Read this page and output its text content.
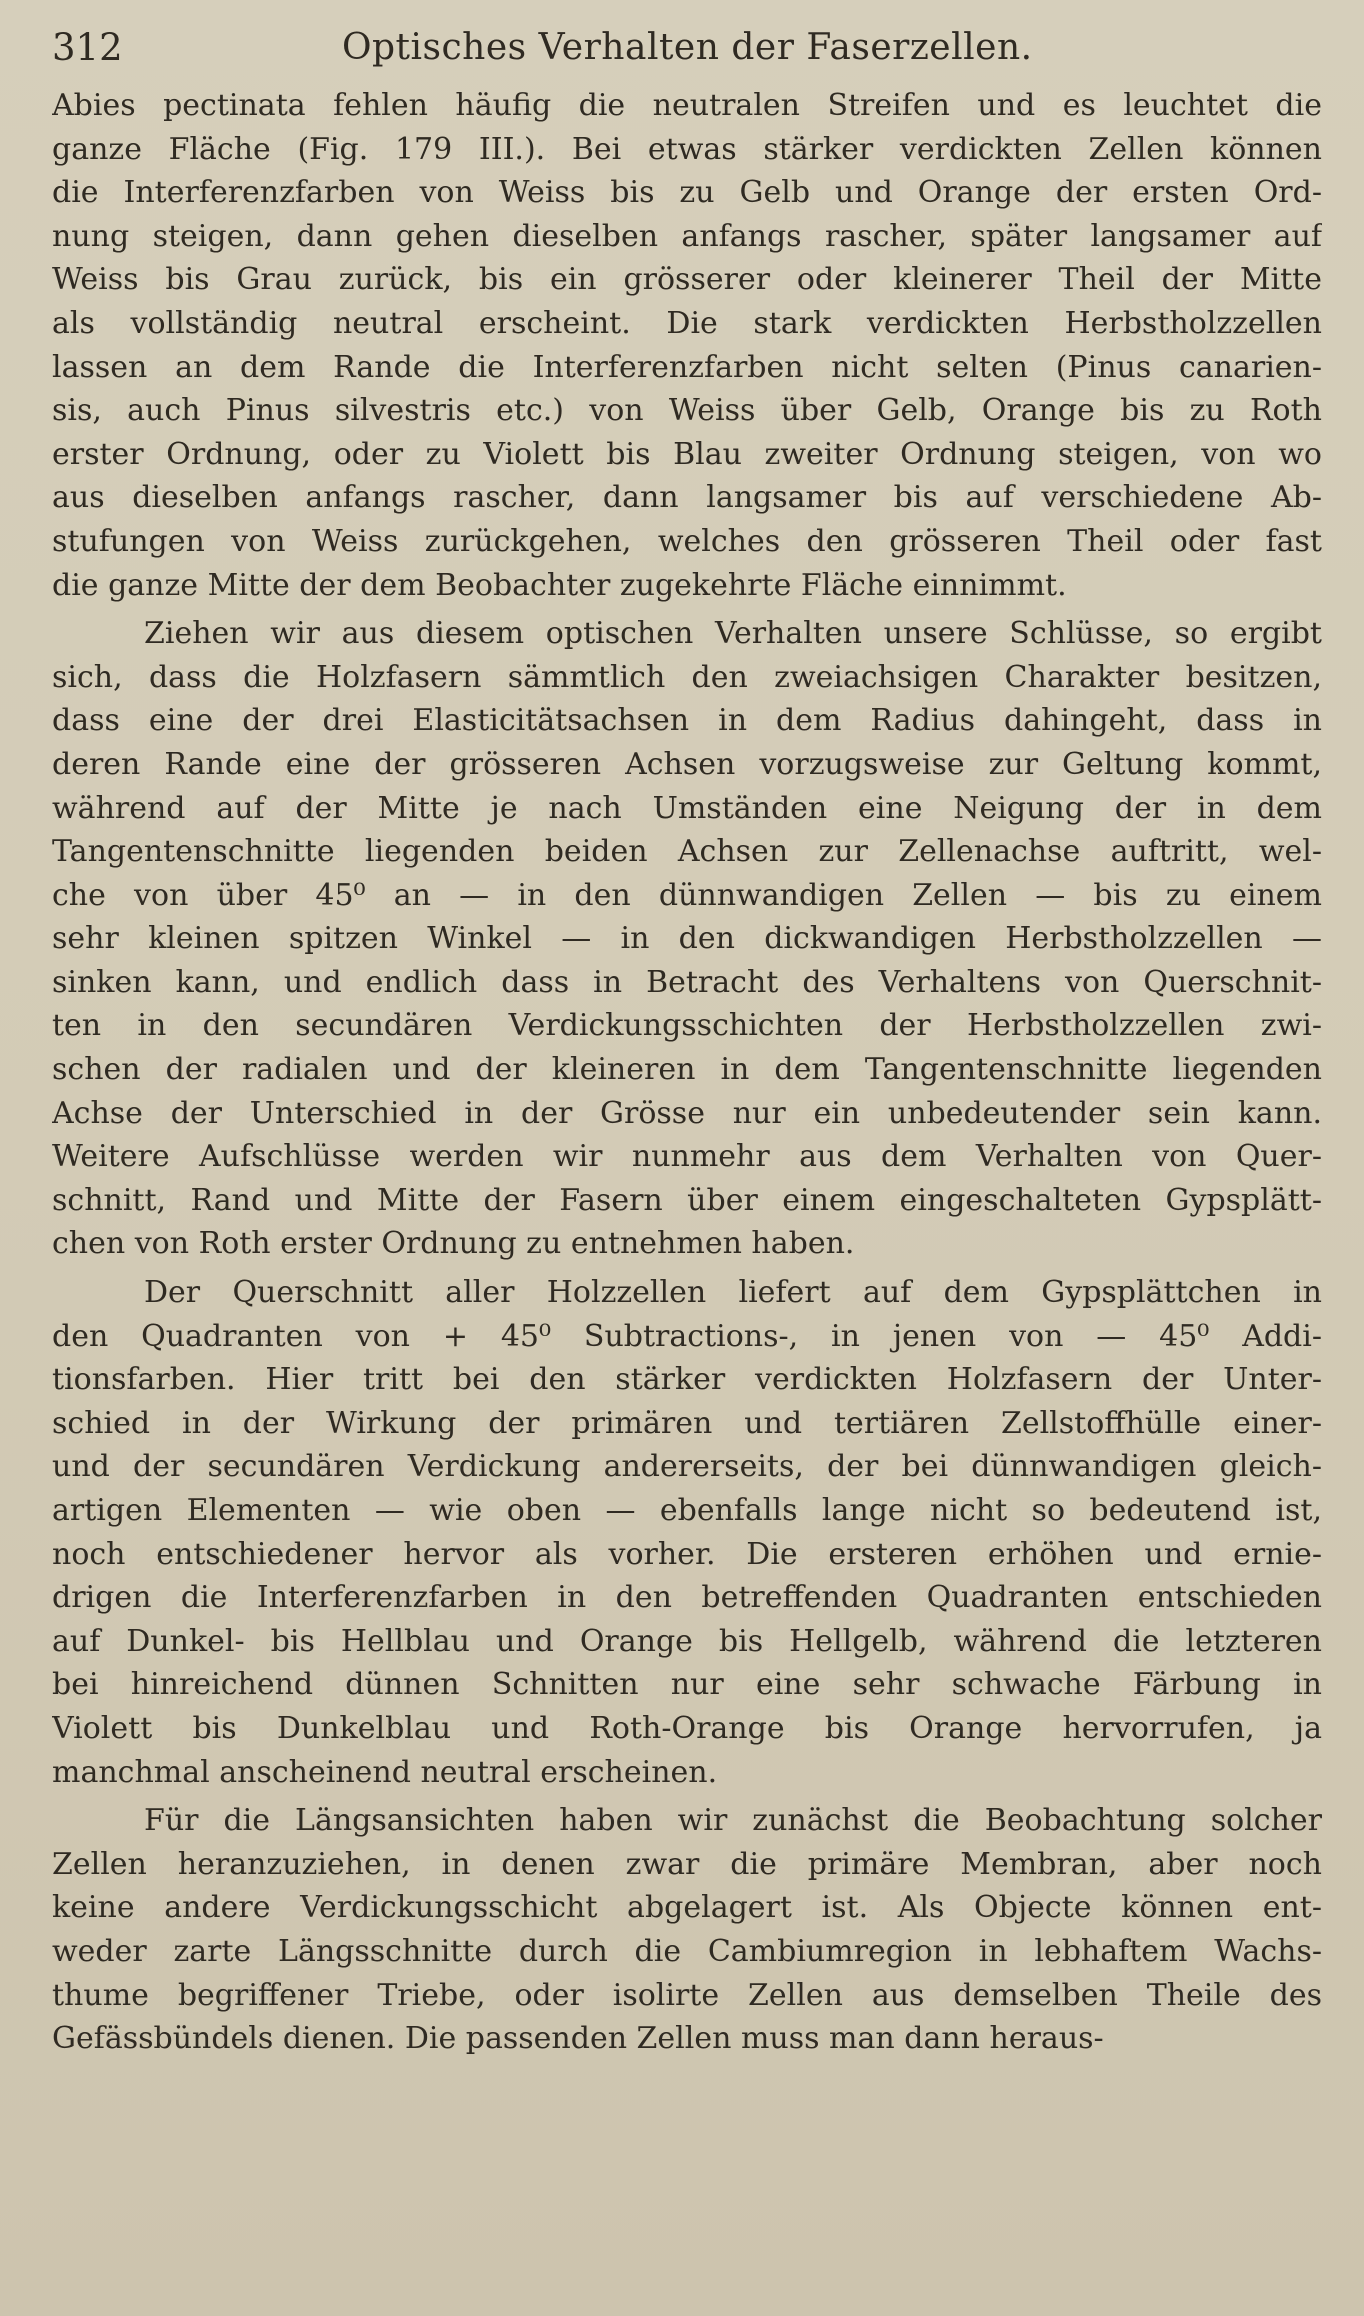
312	Optisches Verhalten der Faserzellen.
Abies pectinata fehlen häufig die neutralen Streifen und es leuchtet die
ganze Fläche (Fig. 179 III.). Bei etwas stärker verdickten Zellen können
die Interferenzfarben von Weiss bis zu Gelb und Orange der ersten Ord-
nung steigen, dann gehen dieselben anfangs rascher, später langsamer auf
Weiss bis Grau zurück, bis ein grösserer oder kleinerer Theil der Mitte
als vollständig neutral erscheint. Die stark verdickten Herbstholzzellen
lassen an dem Rande die Interferenzfarben nicht selten (Pinus canarien-
sis, auch Pinus silvestris etc.) von Weiss über Gelb, Orange bis zu Roth
erster Ordnung, oder zu Violett bis Blau zweiter Ordnung steigen, von wo
aus dieselben anfangs rascher, dann langsamer bis auf verschiedene Ab-
stufungen von Weiss zurückgehen, welches den grösseren Theil oder fast
die ganze Mitte der dem Beobachter zugekehrte Fläche einnimmt.
Ziehen wir aus diesem optischen Verhalten unsere Schlüsse, so ergibt
sich, dass die Holzfasern sämmtlich den zweiachsigen Charakter besitzen,
dass eine der drei Elasticitätsachsen in dem Radius dahingeht, dass in
deren Rande eine der grösseren Achsen vorzugsweise zur Geltung kommt,
während auf der Mitte je nach Umständen eine Neigung der in dem
Tangentenschnitte liegenden beiden Achsen zur Zellenachse auftritt, wel-
che von über 45⁰ an — in den dünnwandigen Zellen — bis zu einem
sehr kleinen spitzen Winkel — in den dickwandigen Herbstholzzellen —
sinken kann, und endlich dass in Betracht des Verhaltens von Querschnit-
ten in den secundären Verdickungsschichten der Herbstholzzellen zwi-
schen der radialen und der kleineren in dem Tangentenschnitte liegenden
Achse der Unterschied in der Grösse nur ein unbedeutender sein kann.
Weitere Aufschlüsse werden wir nunmehr aus dem Verhalten von Quer-
schnitt, Rand und Mitte der Fasern über einem eingeschalteten Gypsplätt-
chen von Roth erster Ordnung zu entnehmen haben.
Der Querschnitt aller Holzzellen liefert auf dem Gypsplättchen in
den Quadranten von + 45⁰ Subtractions-, in jenen von — 45⁰ Addi-
tionsfarben. Hier tritt bei den stärker verdickten Holzfasern der Unter-
schied in der Wirkung der primären und tertiären Zellstoffhülle einer-
und der secundären Verdickung andererseits, der bei dünnwandigen gleich-
artigen Elementen — wie oben — ebenfalls lange nicht so bedeutend ist,
noch entschiedener hervor als vorher. Die ersteren erhöhen und ernie-
drigen die Interferenzfarben in den betreffenden Quadranten entschieden
auf Dunkel- bis Hellblau und Orange bis Hellgelb, während die letzteren
bei hinreichend dünnen Schnitten nur eine sehr schwache Färbung in
Violett bis Dunkelblau und Roth-Orange bis Orange hervorrufen, ja
manchmal anscheinend neutral erscheinen.
Für die Längsansichten haben wir zunächst die Beobachtung solcher
Zellen heranzuziehen, in denen zwar die primäre Membran, aber noch
keine andere Verdickungsschicht abgelagert ist. Als Objecte können ent-
weder zarte Längsschnitte durch die Cambiumregion in lebhaftem Wachs-
thume begriffener Triebe, oder isolirte Zellen aus demselben Theile des
Gefässbündels dienen. Die passenden Zellen muss man dann heraus-
